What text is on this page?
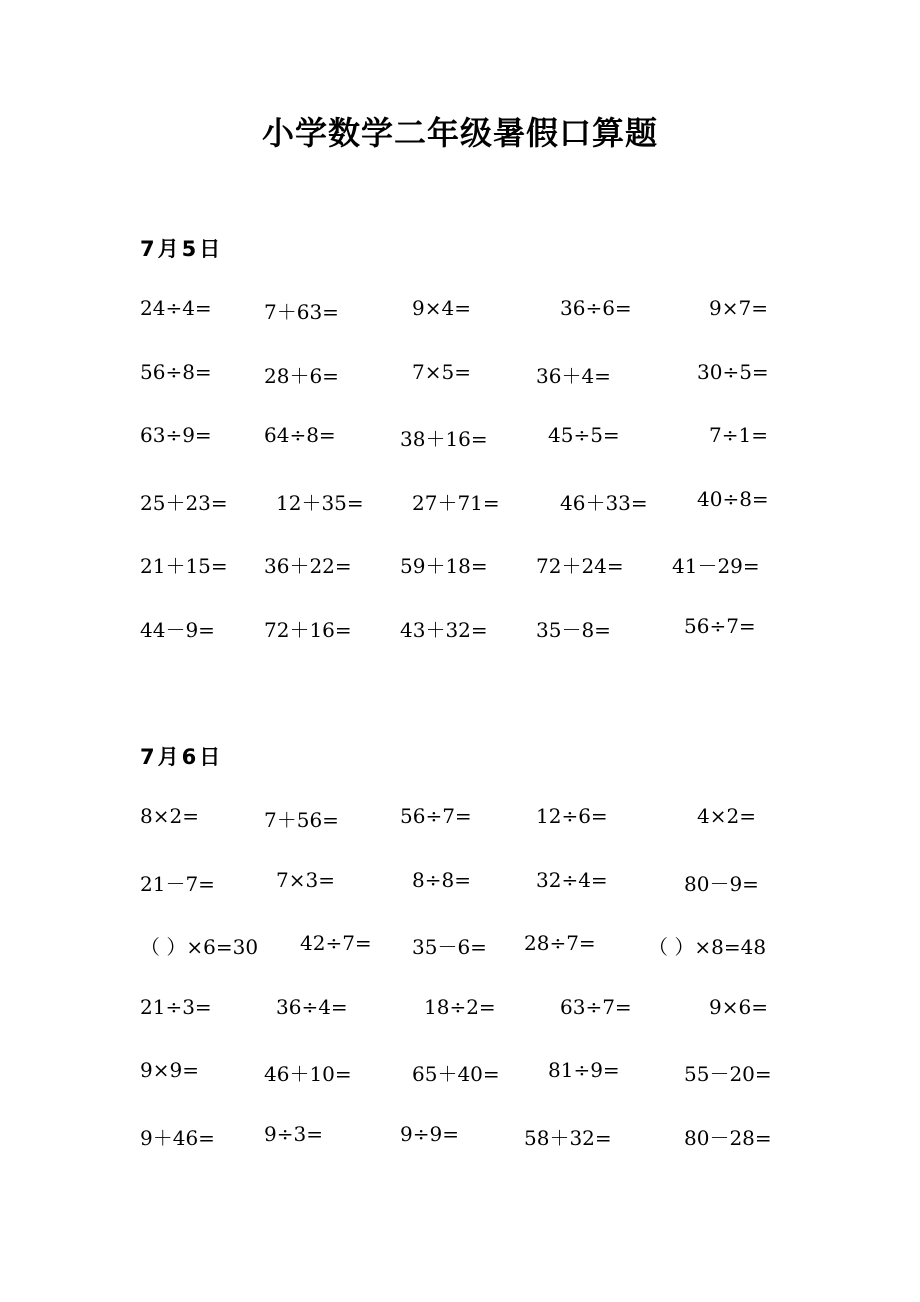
小学数学二年级暑假口算题
7月5日
7月6日
24÷4=	7＋63=	9×4=	36÷6=	9×7=
56÷8=	28＋6=	7×5=	36＋4=	30÷5=
63÷9=	64÷8=	38＋16=	45÷5=	7÷1=
25＋23= 12＋35= 27＋71=	46＋33= 40÷8=
21＋15= 36＋22= 59＋18= 72＋24= 41－29=
44－9= 72＋16= 43＋32= 35－8=	56÷7=
8×2=	7＋56=	56÷7=	12÷6=	4×2=
21－7=	7×3=	8÷8=	32÷4=	80－9=
（ ）×6=30 42÷7= 35－6= 28÷7=	（ ）×8=48
21÷3=	36÷4=	18÷2=	63÷7=	9×6=
9×9=	46＋10=	65＋40= 81÷9=	55－20=
9＋46= 9÷3=	9÷9=	58＋32=	80－28=
